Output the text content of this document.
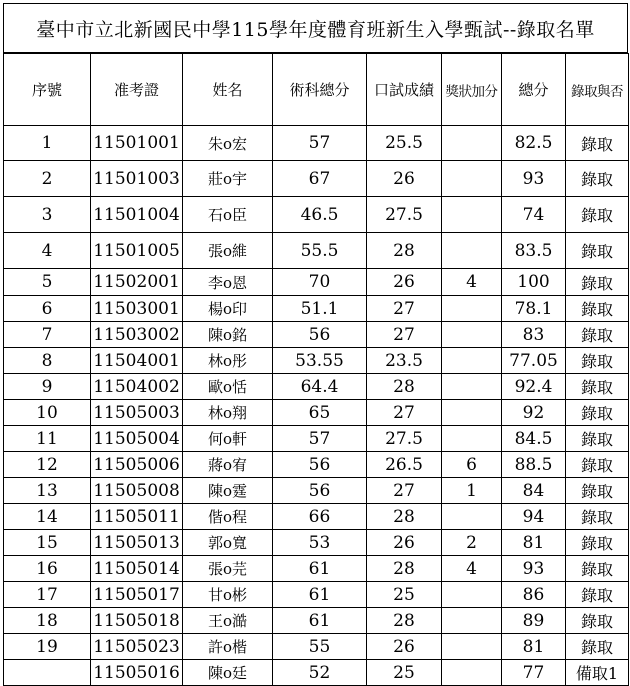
臺中市立北新國民中學115學年度體育班新生入學甄試--錄取名單
序號	准考證	姓名	術科總分	口試成績	獎狀加分	總分	錄取與否
1	11501001	朱o宏	57	25.5		82.5	錄取
2	11501003	莊o宇	67	26		93	錄取
3	11501004	石o臣	46.5	27.5		74	錄取
4	11501005	張o維	55.5	28		83.5	錄取
5	11502001	李o恩	70	26	4	100	錄取
6	11503001	楊o印	51.1	27		78.1	錄取
7	11503002	陳o銘	56	27		83	錄取
8	11504001	林o彤	53.55	23.5		77.05	錄取
9	11504002	歐o恬	64.4	28		92.4	錄取
10	11505003	林o翔	65	27		92	錄取
11	11505004	何o軒	57	27.5		84.5	錄取
12	11505006	蔣o宥	56	26.5	6	88.5	錄取
13	11505008	陳o霆	56	27	1	84	錄取
14	11505011	偕o程	66	28		94	錄取
15	11505013	郭o寬	53	26	2	81	錄取
16	11505014	張o芫	61	28	4	93	錄取
17	11505017	甘o彬	61	25		86	錄取
18	11505018	王o澔	61	28		89	錄取
19	11505023	許o楷	55	26		81	錄取
	11505016	陳o廷	52	25		77	備取1
